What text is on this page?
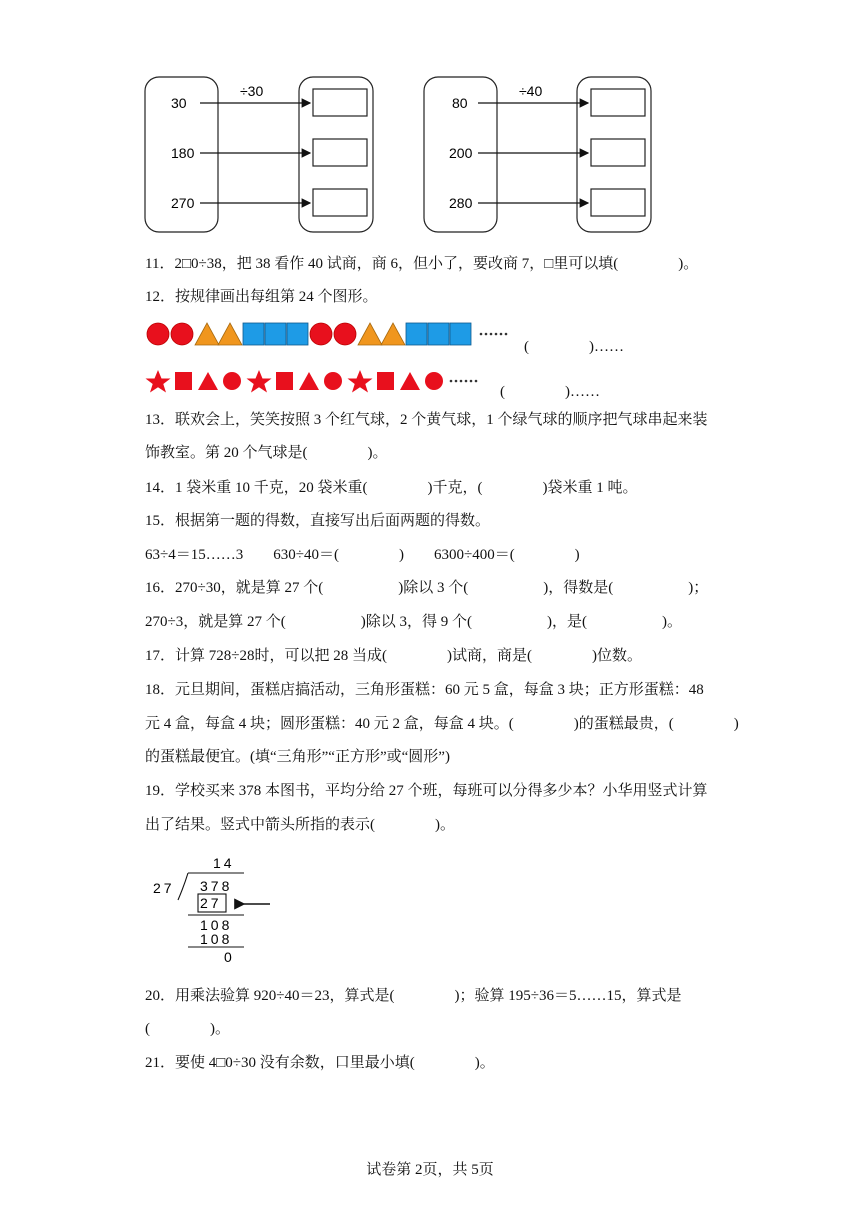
÷30
30
180
270
÷40
80
200
280
11．2□0÷38，把 38 看作 40 试商，商 6，但小了，要改商 7，□里可以填(　　　　)。
12．按规律画出每组第 24 个图形。
(　　　　)……
(　　　　)……
13．联欢会上，笑笑按照 3 个红气球，2 个黄气球，1 个绿气球的顺序把气球串起来装
饰教室。第 20 个气球是(　　　　)。
14．1 袋米重 10 千克，20 袋米重(　　　　)千克，(　　　　)袋米重 1 吨。
15．根据第一题的得数，直接写出后面两题的得数。
63÷4＝15……3　　630÷40＝(　　　　)　　6300÷400＝(　　　　)
16．270÷30，就是算 27 个(　　　　　)除以 3 个(　　　　　)，得数是(　　　　　)；
270÷3，就是算 27 个(　　　　　)除以 3，得 9 个(　　　　　)，是(　　　　　)。
17．计算 728÷28时，可以把 28 当成(　　　　)试商，商是(　　　　)位数。
18．元旦期间，蛋糕店搞活动，三角形蛋糕：60 元 5 盒，每盒 3 块；正方形蛋糕：48
元 4 盒，每盒 4 块；圆形蛋糕：40 元 2 盒，每盒 4 块。(　　　　)的蛋糕最贵，(　　　　)
的蛋糕最便宜。(填“三角形”“正方形”或“圆形”)
19．学校买来 378 本图书，平均分给 27 个班，每班可以分得多少本？小华用竖式计算
出了结果。竖式中箭头所指的表示(　　　　)。
14
27 378
27
108
108
0
20．用乘法验算 920÷40＝23，算式是(　　　　)；验算 195÷36＝5……15，算式是
(　　　　)。
21．要使 4□0÷30 没有余数，口里最小填(　　　　)。
试卷第 2页，共 5页
